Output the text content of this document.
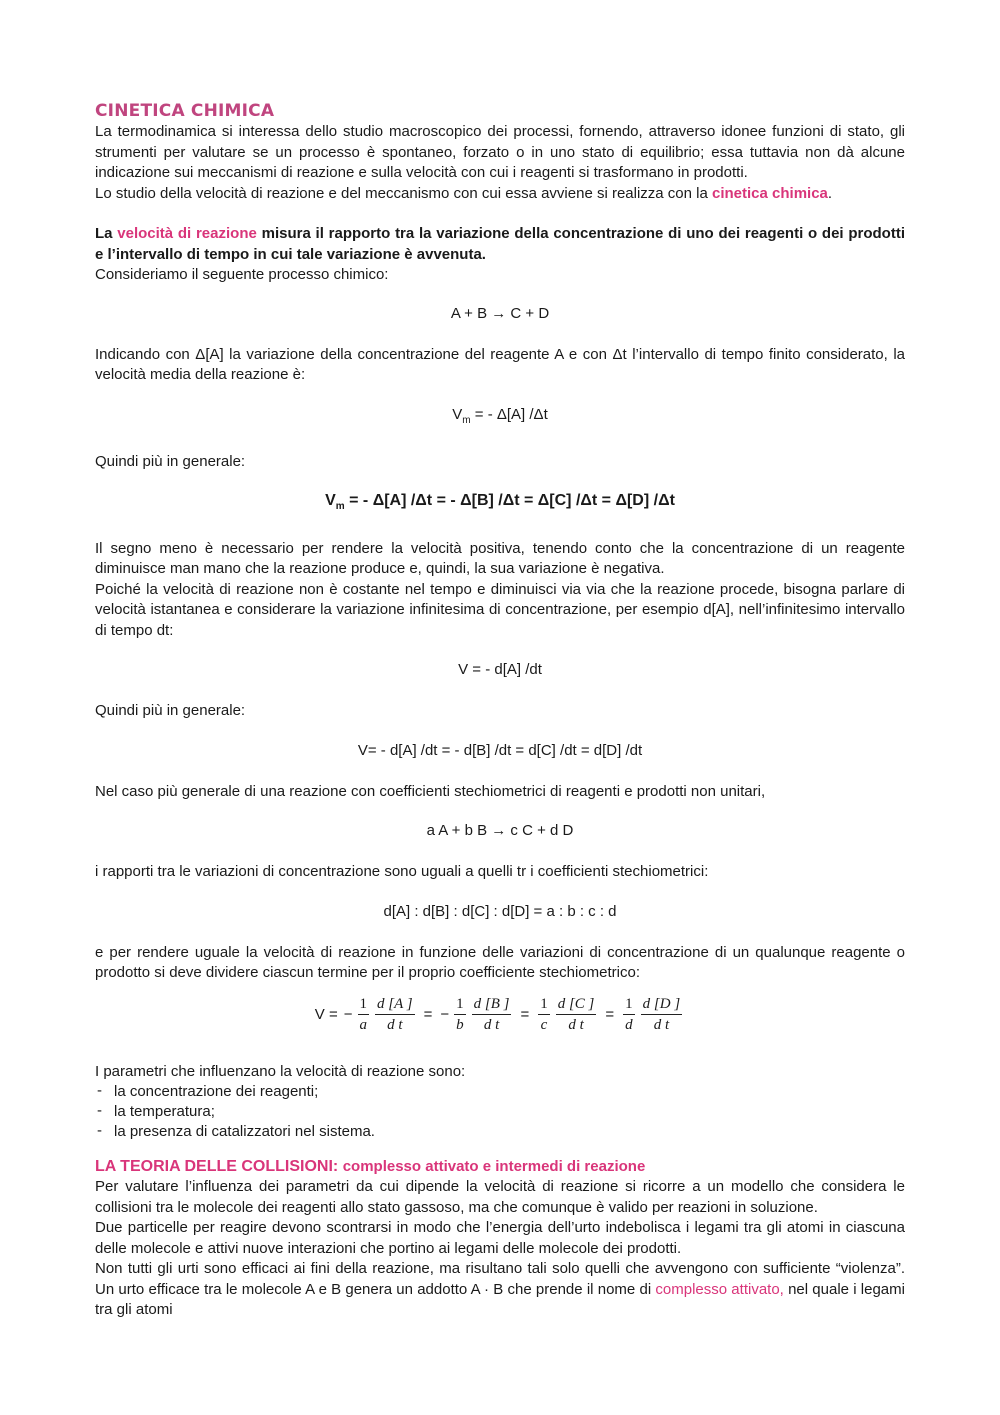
CINETICA CHIMICA

La termodinamica si interessa dello studio macroscopico dei processi, fornendo, attraverso idonee funzioni di stato, gli strumenti per valutare se un processo è spontaneo, forzato o in uno stato di equilibrio; essa tuttavia non dà alcune indicazione sui meccanismi di reazione e sulla velocità con cui i reagenti si trasformano in prodotti.

Lo studio della velocità di reazione e del meccanismo con cui essa avviene si realizza con la cinetica chimica.

La velocità di reazione misura il rapporto tra la variazione della concentrazione di uno dei reagenti o dei prodotti e l’intervallo di tempo in cui tale variazione è avvenuta.

Consideriamo il seguente processo chimico:

A + B → C + D

Indicando con Δ[A] la variazione della concentrazione del reagente A e con Δt l’intervallo di tempo finito considerato, la velocità media della reazione è:

$V_m$ = - Δ[A] /Δt

Quindi più in generale:

$V_m$ = - Δ[A] /Δt = - Δ[B] /Δt = Δ[C] /Δt = Δ[D] /Δt

Il segno meno è necessario per rendere la velocità positiva, tenendo conto che la concentrazione di un reagente diminuisce man mano che la reazione produce e, quindi, la sua variazione è negativa.

Poiché la velocità di reazione non è costante nel tempo e diminuisci via via che la reazione procede, bisogna parlare di velocità istantanea e considerare la variazione infinitesima di concentrazione, per esempio d[A], nell’infinitesimo intervallo di tempo dt:

V = - d[A] /dt

Quindi più in generale:

V= - d[A] /dt = - d[B] /dt = d[C] /dt = d[D] /dt

Nel caso più generale di una reazione con coefficienti stechiometrici di reagenti e prodotti non unitari,

a A + b B → c C + d D

i rapporti tra le variazioni di concentrazione sono uguali a quelli tr i coefficienti stechiometrici:

d[A] : d[B] : d[C] : d[D] = a : b : c : d

e per rendere uguale la velocità di reazione in funzione delle variazioni di concentrazione di un qualunque reagente o prodotto si deve dividere ciascun termine per il proprio coefficiente stechiometrico:

V = − $\frac{1}{a} \frac{d [A ]}{\text{d t}}$ = − $\frac{1}{b} \frac{d [B ]}{\text{d t}} = \frac{1}{c} \frac{d [C ]}{\text{d t}} = \frac{1}{d} \frac{d [D ]}{\text{d t}}$

I parametri che influenzano la velocità di reazione sono:

- la concentrazione dei reagenti;
- la temperatura;
- la presenza di catalizzatori nel sistema.
LA TEORIA DELLE COLLISIONI: complesso attivato e intermedi di reazione

Per valutare l’influenza dei parametri da cui dipende la velocità di reazione si ricorre a un modello che considera le collisioni tra le molecole dei reagenti allo stato gassoso, ma che comunque è valido per reazioni in soluzione.

Due particelle per reagire devono scontrarsi in modo che l’energia dell’urto indebolisca i legami tra gli atomi in ciascuna delle molecole e attivi nuove interazioni che portino ai legami delle molecole dei prodotti.

Non tutti gli urti sono efficaci ai fini della reazione, ma risultano tali solo quelli che avvengono con sufficiente “violenza”. Un urto efficace tra le molecole A e B genera un addotto A · B che prende il nome di complesso attivato, nel quale i legami tra gli atomi
